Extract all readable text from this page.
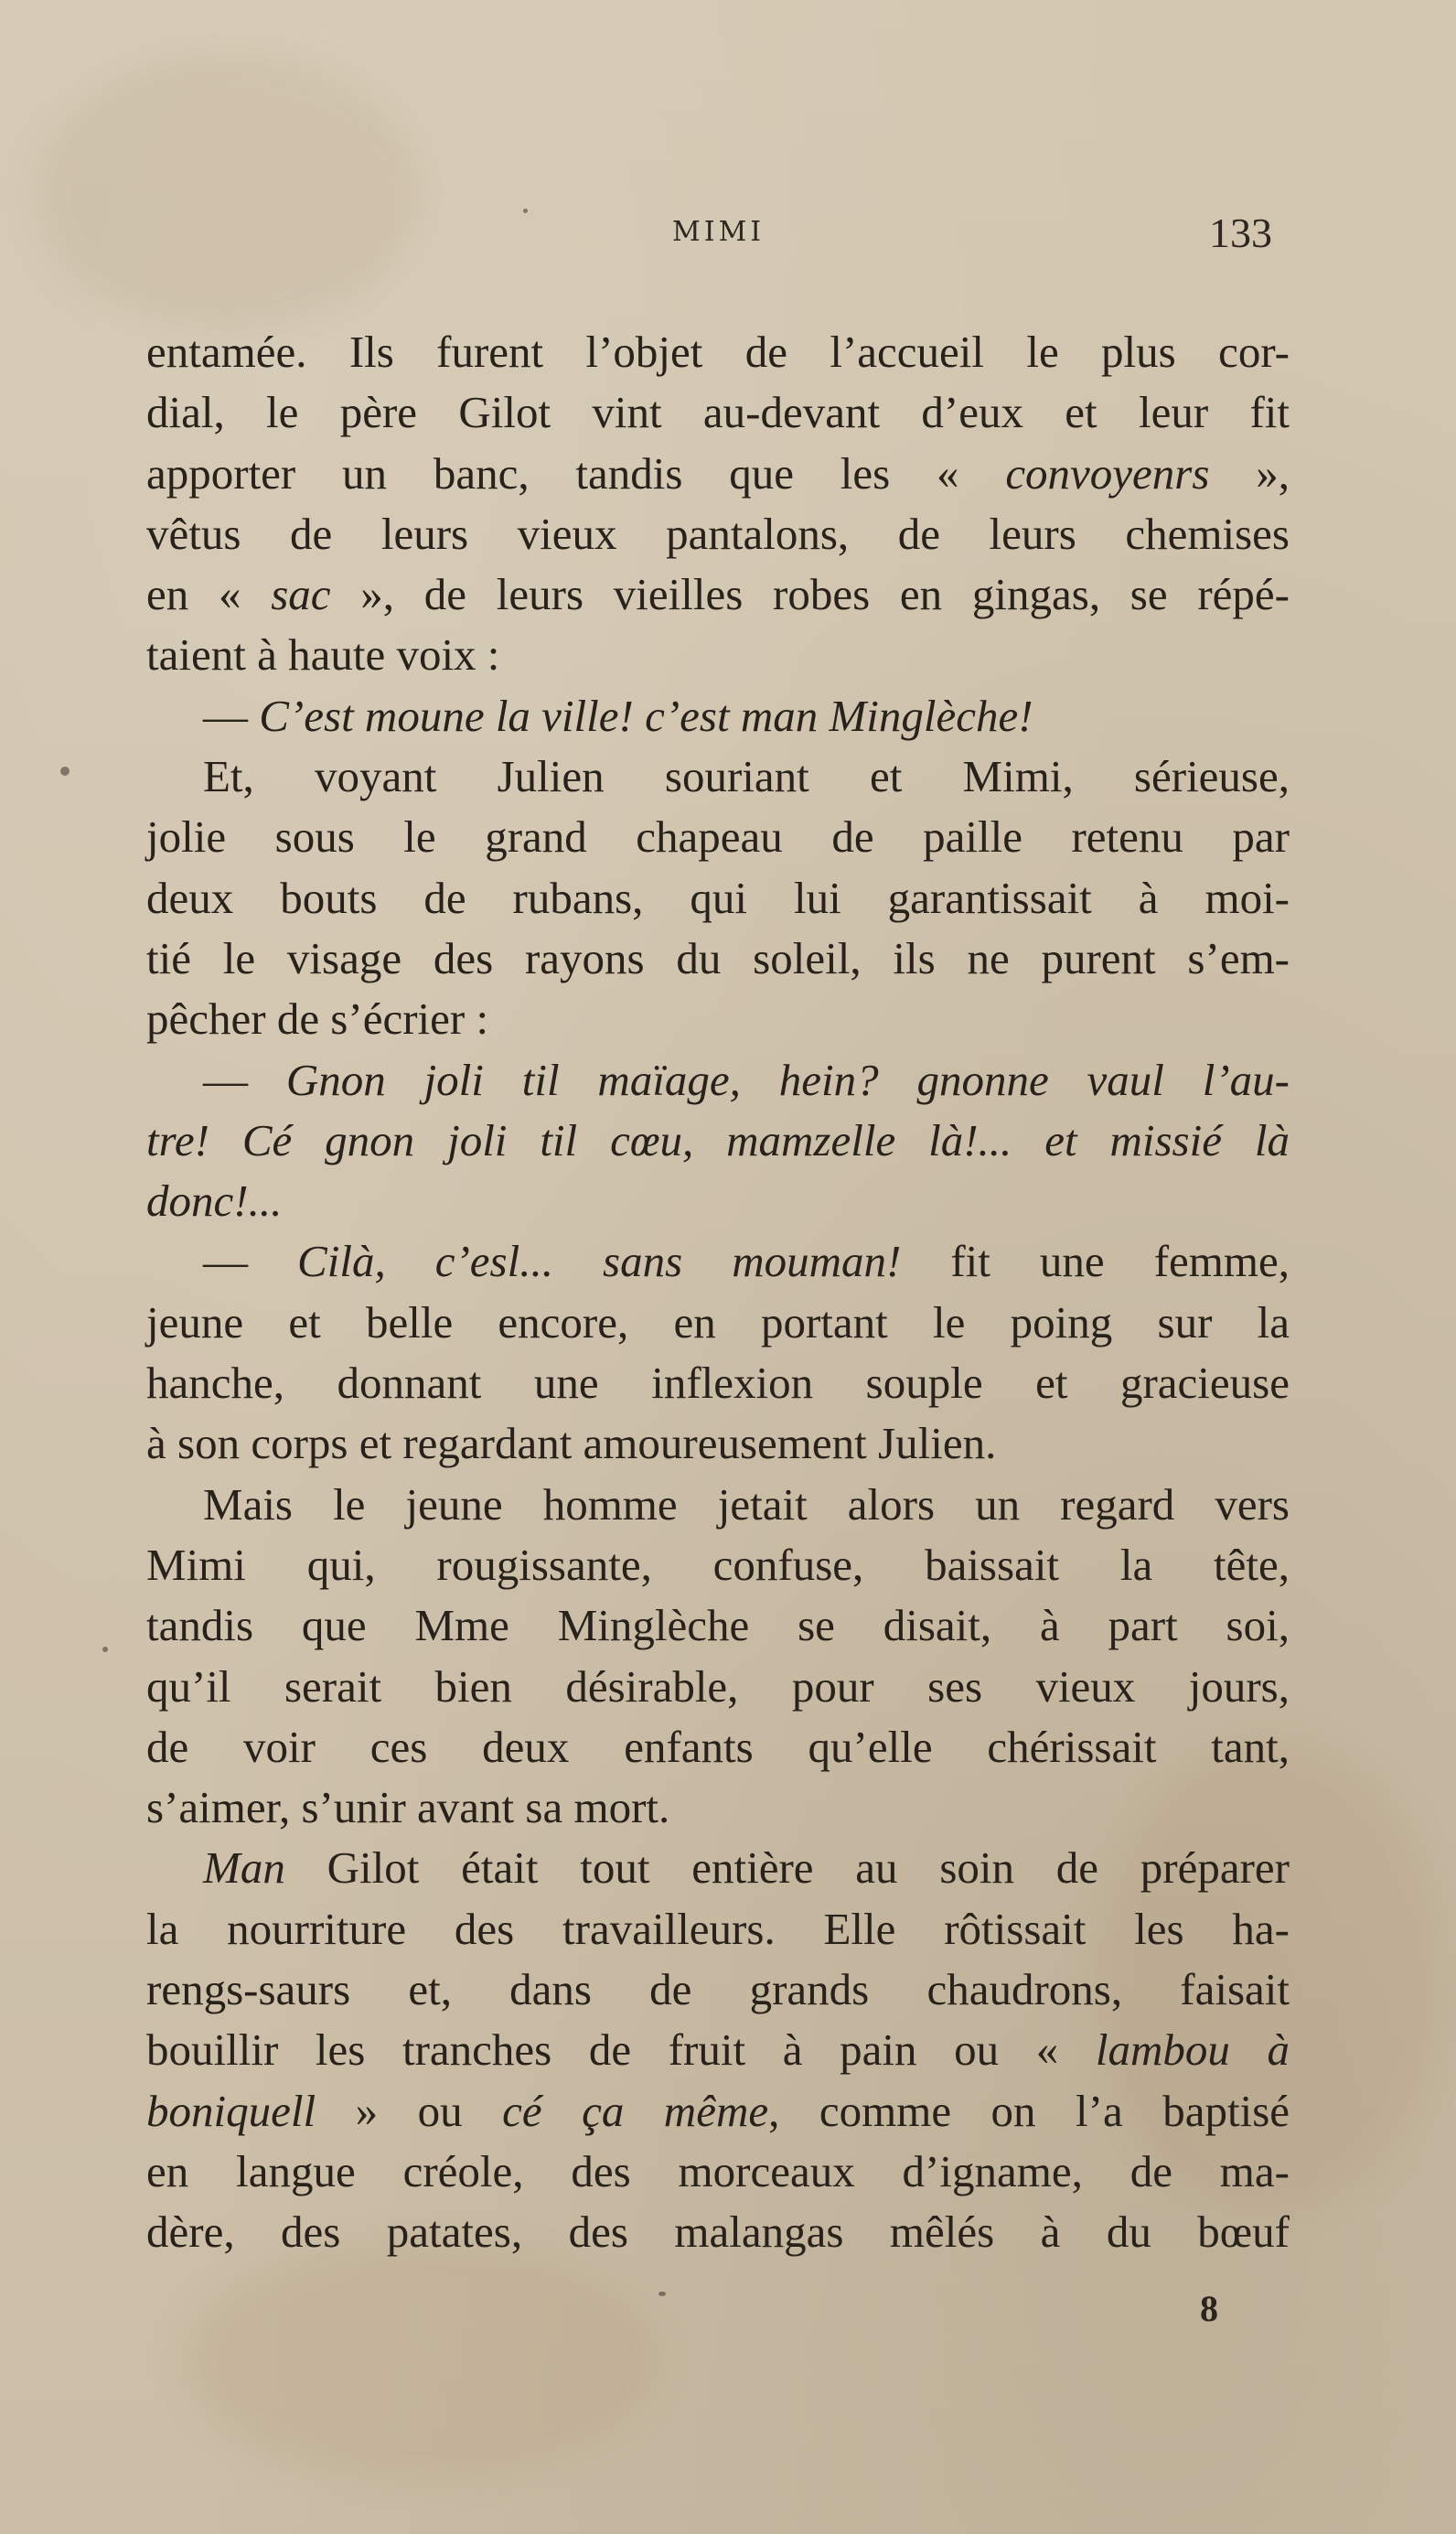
MIMI	133

entamée. Ils furent l’objet de l’accueil le plus cor-
dial, le père Gilot vint au-devant d’eux et leur fit
apporter un banc, tandis que les « convoyenrs »,
vêtus de leurs vieux pantalons, de leurs chemises
en « sac », de leurs vieilles robes en gingas, se répé-
taient à haute voix :

— C’est moune la ville! c’est man Minglèche!

Et, voyant Julien souriant et Mimi, sérieuse,

jolie sous le grand chapeau de paille retenu par
deux bouts de rubans, qui lui garantissait à moi-
tié le visage des rayons du soleil, ils ne purent s’em-
pêcher de s’écrier :

— Gnon joli til maïage, hein? gnonne vaul l’au-

tre! Cé gnon joli til cœu, mamzelle là!... et missié là
donc!...

— Cilà, c’esl... sans mouman! fit une femme,

jeune et belle encore, en portant le poing sur la
hanche, donnant une inflexion souple et gracieuse
à son corps et regardant amoureusement Julien.

Mais le jeune homme jetait alors un regard vers

Mimi qui, rougissante, confuse, baissait la tête,
tandis que Mme Minglèche se disait, à part soi,
qu’il serait bien désirable, pour ses vieux jours,
de voir ces deux enfants qu’elle chérissait tant,
s’aimer, s’unir avant sa mort.

Man Gilot était tout entière au soin de préparer

la nourriture des travailleurs. Elle rôtissait les ha-
rengs-saurs et, dans de grands chaudrons, faisait
bouillir les tranches de fruit à pain ou « lambou à
boniquell » ou cé ça même, comme on l’a baptisé
en langue créole, des morceaux d’igname, de ma-
dère, des patates, des malangas mêlés à du bœuf

8
